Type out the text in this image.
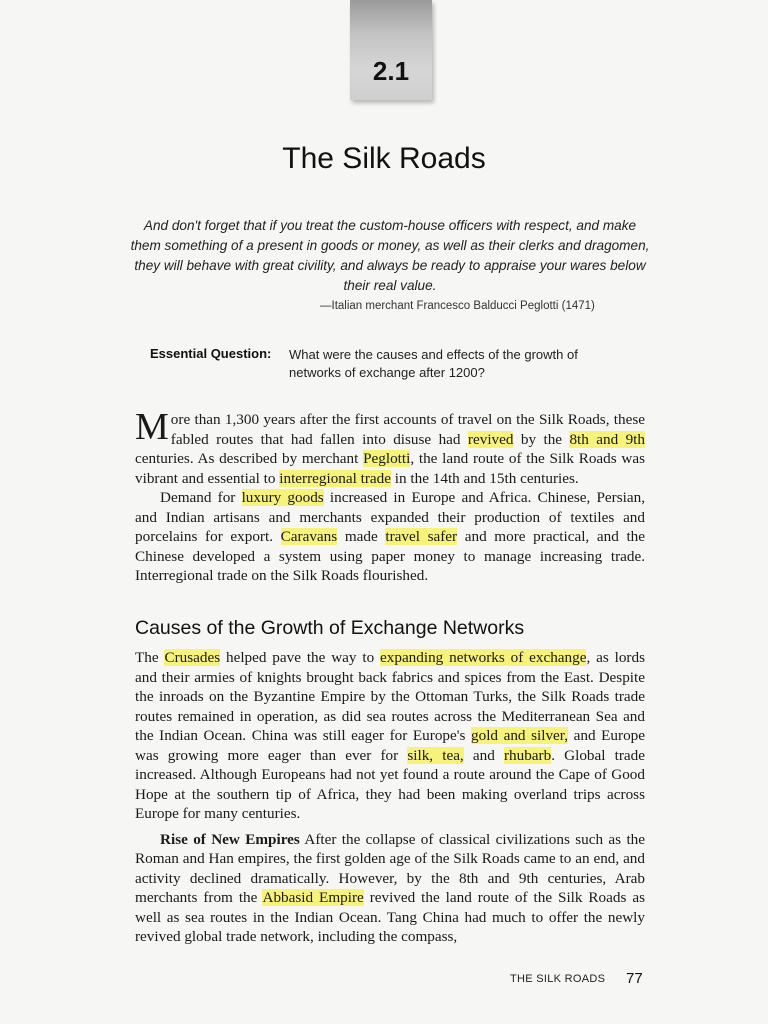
2.1
The Silk Roads
And don't forget that if you treat the custom-house officers with respect, and make them something of a present in goods or money, as well as their clerks and dragomen, they will behave with great civility, and always be ready to appraise your wares below their real value.
—Italian merchant Francesco Balducci Peglotti (1471)
Essential Question: What were the causes and effects of the growth of networks of exchange after 1200?

More than 1,300 years after the first accounts of travel on the Silk Roads, these fabled routes that had fallen into disuse had revived by the 8th and 9th centuries. As described by merchant Peglotti, the land route of the Silk Roads was vibrant and essential to interregional trade in the 14th and 15th centuries.

Demand for luxury goods increased in Europe and Africa. Chinese, Persian, and Indian artisans and merchants expanded their production of textiles and porcelains for export. Caravans made travel safer and more practical, and the Chinese developed a system using paper money to manage increasing trade. Interregional trade on the Silk Roads flourished.

Causes of the Growth of Exchange Networks

The Crusades helped pave the way to expanding networks of exchange, as lords and their armies of knights brought back fabrics and spices from the East. Despite the inroads on the Byzantine Empire by the Ottoman Turks, the Silk Roads trade routes remained in operation, as did sea routes across the Mediterranean Sea and the Indian Ocean. China was still eager for Europe's gold and silver, and Europe was growing more eager than ever for silk, tea, and rhubarb. Global trade increased. Although Europeans had not yet found a route around the Cape of Good Hope at the southern tip of Africa, they had been making overland trips across Europe for many centuries.

Rise of New Empires After the collapse of classical civilizations such as the Roman and Han empires, the first golden age of the Silk Roads came to an end, and activity declined dramatically. However, by the 8th and 9th centuries, Arab merchants from the Abbasid Empire revived the land route of the Silk Roads as well as sea routes in the Indian Ocean. Tang China had much to offer the newly revived global trade network, including the compass,

THE SILK ROADS 77
